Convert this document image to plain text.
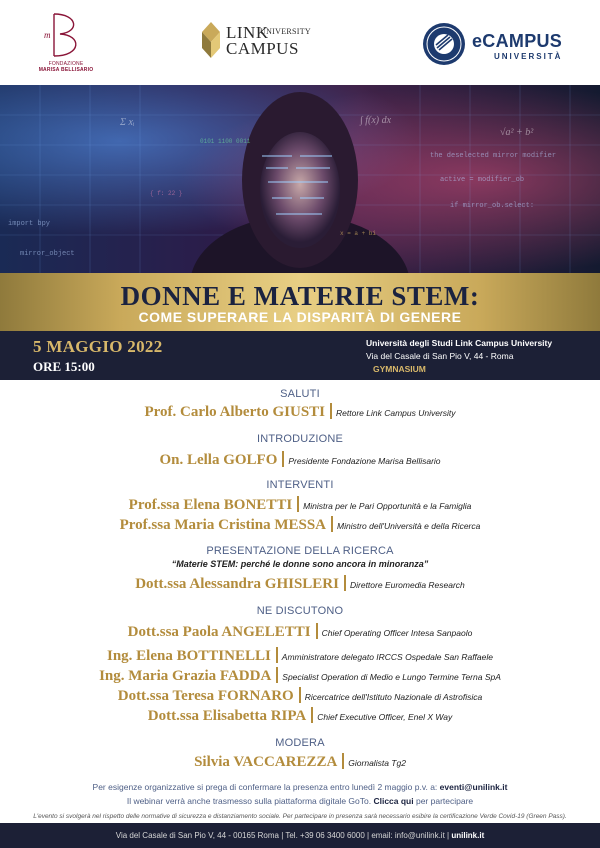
m
FONDAZIONE
MARISA BELLISARIO
LINK
UNIVERSITY
CAMPUS	eCAMPUS
UNIVERSITÀ
the deselected mirror modifier
active = modifier_ob
if mirror_ob.select:
import bpy
mirror_object
∫ f(x) dx
√a² + b²
Σ xᵢ
0101 1100 0011
x = a + bi
{ f: 22 }
DONNE E MATERIE STEM:
COME SUPERARE LA DISPARITÀ DI GENERE
5 MAGGIO 2022
ORE 15:00
Università degli Studi Link Campus University
Via del Casale di San Pio V, 44 - Roma
GYMNASIUM
SALUTI
Prof. Carlo Alberto GIUSTI Rettore Link Campus University
INTRODUZIONE
On. Lella GOLFO Presidente Fondazione Marisa Bellisario
INTERVENTI
Prof.ssa Elena BONETTI Ministra per le Pari Opportunità e la Famiglia
Prof.ssa Maria Cristina MESSA Ministro dell'Università e della Ricerca
PRESENTAZIONE DELLA RICERCA
“Materie STEM: perché le donne sono ancora in minoranza”
Dott.ssa Alessandra GHISLERI Direttore Euromedia Research
NE DISCUTONO
Dott.ssa Paola ANGELETTI Chief Operating Officer Intesa Sanpaolo
Ing. Elena BOTTINELLI Amministratore delegato IRCCS Ospedale San Raffaele
Ing. Maria Grazia FADDA Specialist Operation di Medio e Lungo Termine Terna SpA
Dott.ssa Teresa FORNARO Ricercatrice dell'Istituto Nazionale di Astrofisica
Dott.ssa Elisabetta RIPA Chief Executive Officer, Enel X Way
MODERA
Silvia VACCAREZZA Giornalista Tg2
Per esigenze organizzative si prega di confermare la presenza entro lunedì 2 maggio p.v. a: eventi@unilink.it
Il webinar verrà anche trasmesso sulla piattaforma digitale GoTo. Clicca qui per partecipare
L'evento si svolgerà nel rispetto delle normative di sicurezza e distanziamento sociale. Per partecipare in presenza sarà necessario esibire la certificazione Verde Covid-19 (Green Pass).
Via del Casale di San Pio V, 44 - 00165 Roma | Tel. +39 06 3400 6000 | email: info@unilink.it | unilink.it
